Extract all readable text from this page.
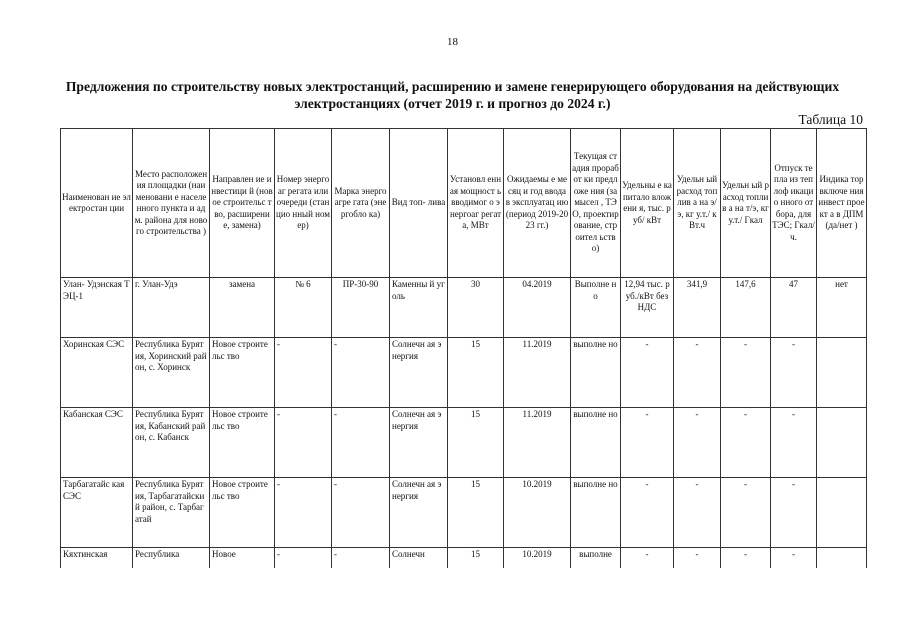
18
Предложения по строительству новых электростанций, расширению и замене генерирующего оборудования на действующих электростанциях (отчет 2019 г. и прогноз до 2024 г.)
Таблица 10
Наименован ие электростан ции	Место расположения площадки (наименовани е населенного пункта и адм. района для нового строительства )	Направлен ие инвестици й (новое строительс тво, расширени е, замена)	Номер энергоаг регата или очереди (станцио нный номер)	Марка энергоагре гата (энергобло ка)	Вид топ- лива	Установл енная мощност ь вводимог о энергоаг регата, МВт	Ожидаемы е месяц и год ввода в эксплуатац ию (период 2019-2023 гг.)	Текущая стадия проработ ки предложе ния (замысел , ТЭО, проектир ование, строител ьство)	Удельны е капитало вложени я, тыс. руб/ кВт	Удельн ый расход топлив а на э/э, кг у.т./ кВт.ч	Удельн ый расход топлив а на т/э, кг у.т./ Гкал	Отпуск тепла из теплоф икацио нного отбора, для ТЭС; Гкал/ч.	Индика тор включе ния инвест проект а в ДПМ (да/нет )
Улан- Удэнская ТЭЦ-1	г. Улан-Удэ	замена	№ 6	ПР-30-90	Каменны й уголь	30	04.2019	Выполне но	12,94 тыс. руб./кВт без НДС	341,9	147,6	47	нет
Хоринская СЭС	Республика Бурятия, Хоринский район, с. Хоринск	Новое строительс тво	-	-	Солнечн ая энергия	15	11.2019	выполне но	-	-	-	-	
Кабанская СЭС	Республика Бурятия, Кабанский район, с. Кабанск	Новое строительс тво	-	-	Солнечн ая энергия	15	11.2019	выполне но	-	-	-	-	
Тарбагатайс кая СЭС	Республика Бурятия, Тарбагатайски й район, с. Тарбагатай	Новое строительс тво	-	-	Солнечн ая энергия	15	10.2019	выполне но	-	-	-	-	
Кяхтинская	Республика	Новое	-	-	Солнечн	15	10.2019	выполне	-	-	-	-	
